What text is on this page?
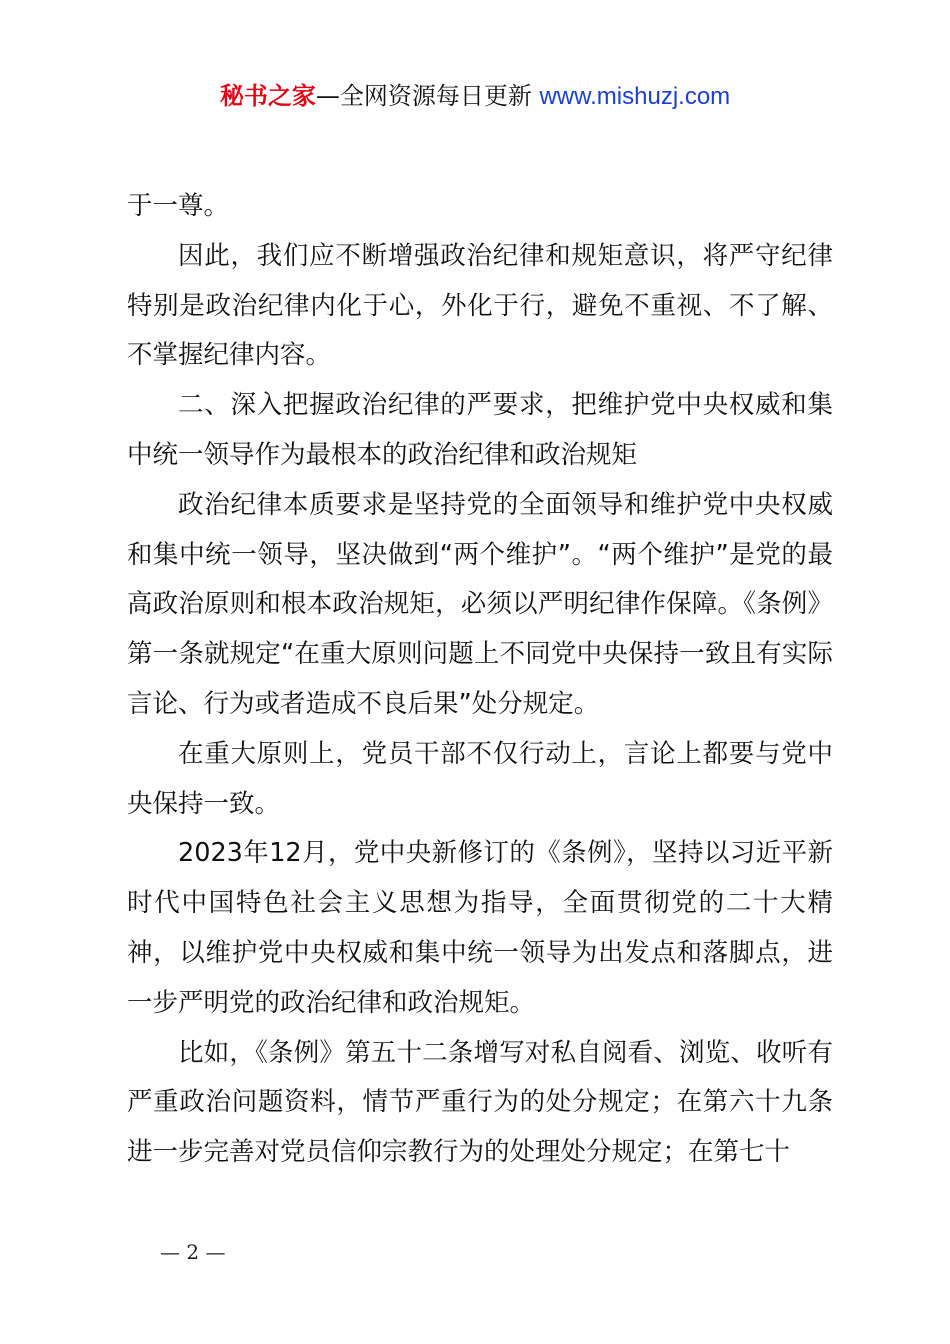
秘书之家—全网资源每日更新 www.mishuzj.com

于一尊。

因此，我们应不断增强政治纪律和规矩意识，将严守纪律特别是政治纪律内化于心，外化于行，避免不重视、不了解、不掌握纪律内容。

二、深入把握政治纪律的严要求，把维护党中央权威和集中统一领导作为最根本的政治纪律和政治规矩

政治纪律本质要求是坚持党的全面领导和维护党中央权威和集中统一领导，坚决做到“两个维护”。“两个维护”是党的最高政治原则和根本政治规矩，必须以严明纪律作保障。《条例》第一条就规定“在重大原则问题上不同党中央保持一致且有实际言论、行为或者造成不良后果”处分规定。

在重大原则上，党员干部不仅行动上，言论上都要与党中央保持一致。

2023年12月，党中央新修订的《条例》，坚持以习近平新时代中国特色社会主义思想为指导，全面贯彻党的二十大精神，以维护党中央权威和集中统一领导为出发点和落脚点，进一步严明党的政治纪律和政治规矩。

比如，《条例》第五十二条增写对私自阅看、浏览、收听有严重政治问题资料，情节严重行为的处分规定；在第六十九条进一步完善对党员信仰宗教行为的处理处分规定；在第七十

— 2 —
